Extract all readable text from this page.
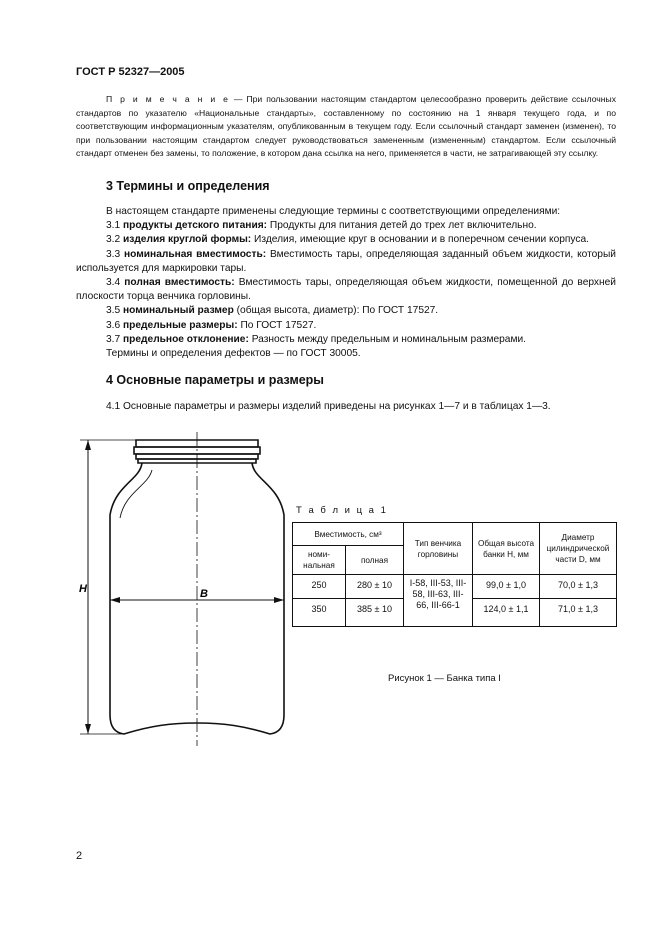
ГОСТ Р 52327—2005
П р и м е ч а н и е — При пользовании настоящим стандартом целесообразно проверить действие ссылочных стандартов по указателю «Национальные стандарты», составленному по состоянию на 1 января текущего года, и по соответствующим информационным указателям, опубликованным в текущем году. Если ссылочный стандарт заменен (изменен), то при пользовании настоящим стандартом следует руководствоваться замененным (измененным) стандартом. Если ссылочный стандарт отменен без замены, то положение, в котором дана ссылка на него, применяется в части, не затрагивающей эту ссылку.
3 Термины и определения

В настоящем стандарте применены следующие термины с соответствующими определениями:

3.1 продукты детского питания: Продукты для питания детей до трех лет включительно.

3.2 изделия круглой формы: Изделия, имеющие круг в основании и в поперечном сечении корпуса.

3.3 номинальная вместимость: Вместимость тары, определяющая заданный объем жидкости, который используется для маркировки тары.

3.4 полная вместимость: Вместимость тары, определяющая объем жидкости, помещенной до верхней плоскости торца венчика горловины.

3.5 номинальный размер (общая высота, диаметр): По ГОСТ 17527.

3.6 предельные размеры: По ГОСТ 17527.

3.7 предельное отклонение: Разность между предельным и номинальным размерами.

Термины и определения дефектов — по ГОСТ 30005.

4 Основные параметры и размеры

4.1 Основные параметры и размеры изделий приведены на рисунках 1—7 и в таблицах 1—3.

H	B
Т а б л и ц а 1
Вместимость, см³		Тип венчика горловины	Общая высота банки H, мм	Диаметр цилиндрической части D, мм
номи-нальная	полная			
250	280 ± 10	I-58, III-53, III-58, III-63, III-66, III-66-1	99,0 ± 1,0	70,0 ± 1,3
350	385 ± 10		124,0 ± 1,1	71,0 ± 1,3
Рисунок 1 — Банка типа I
2
